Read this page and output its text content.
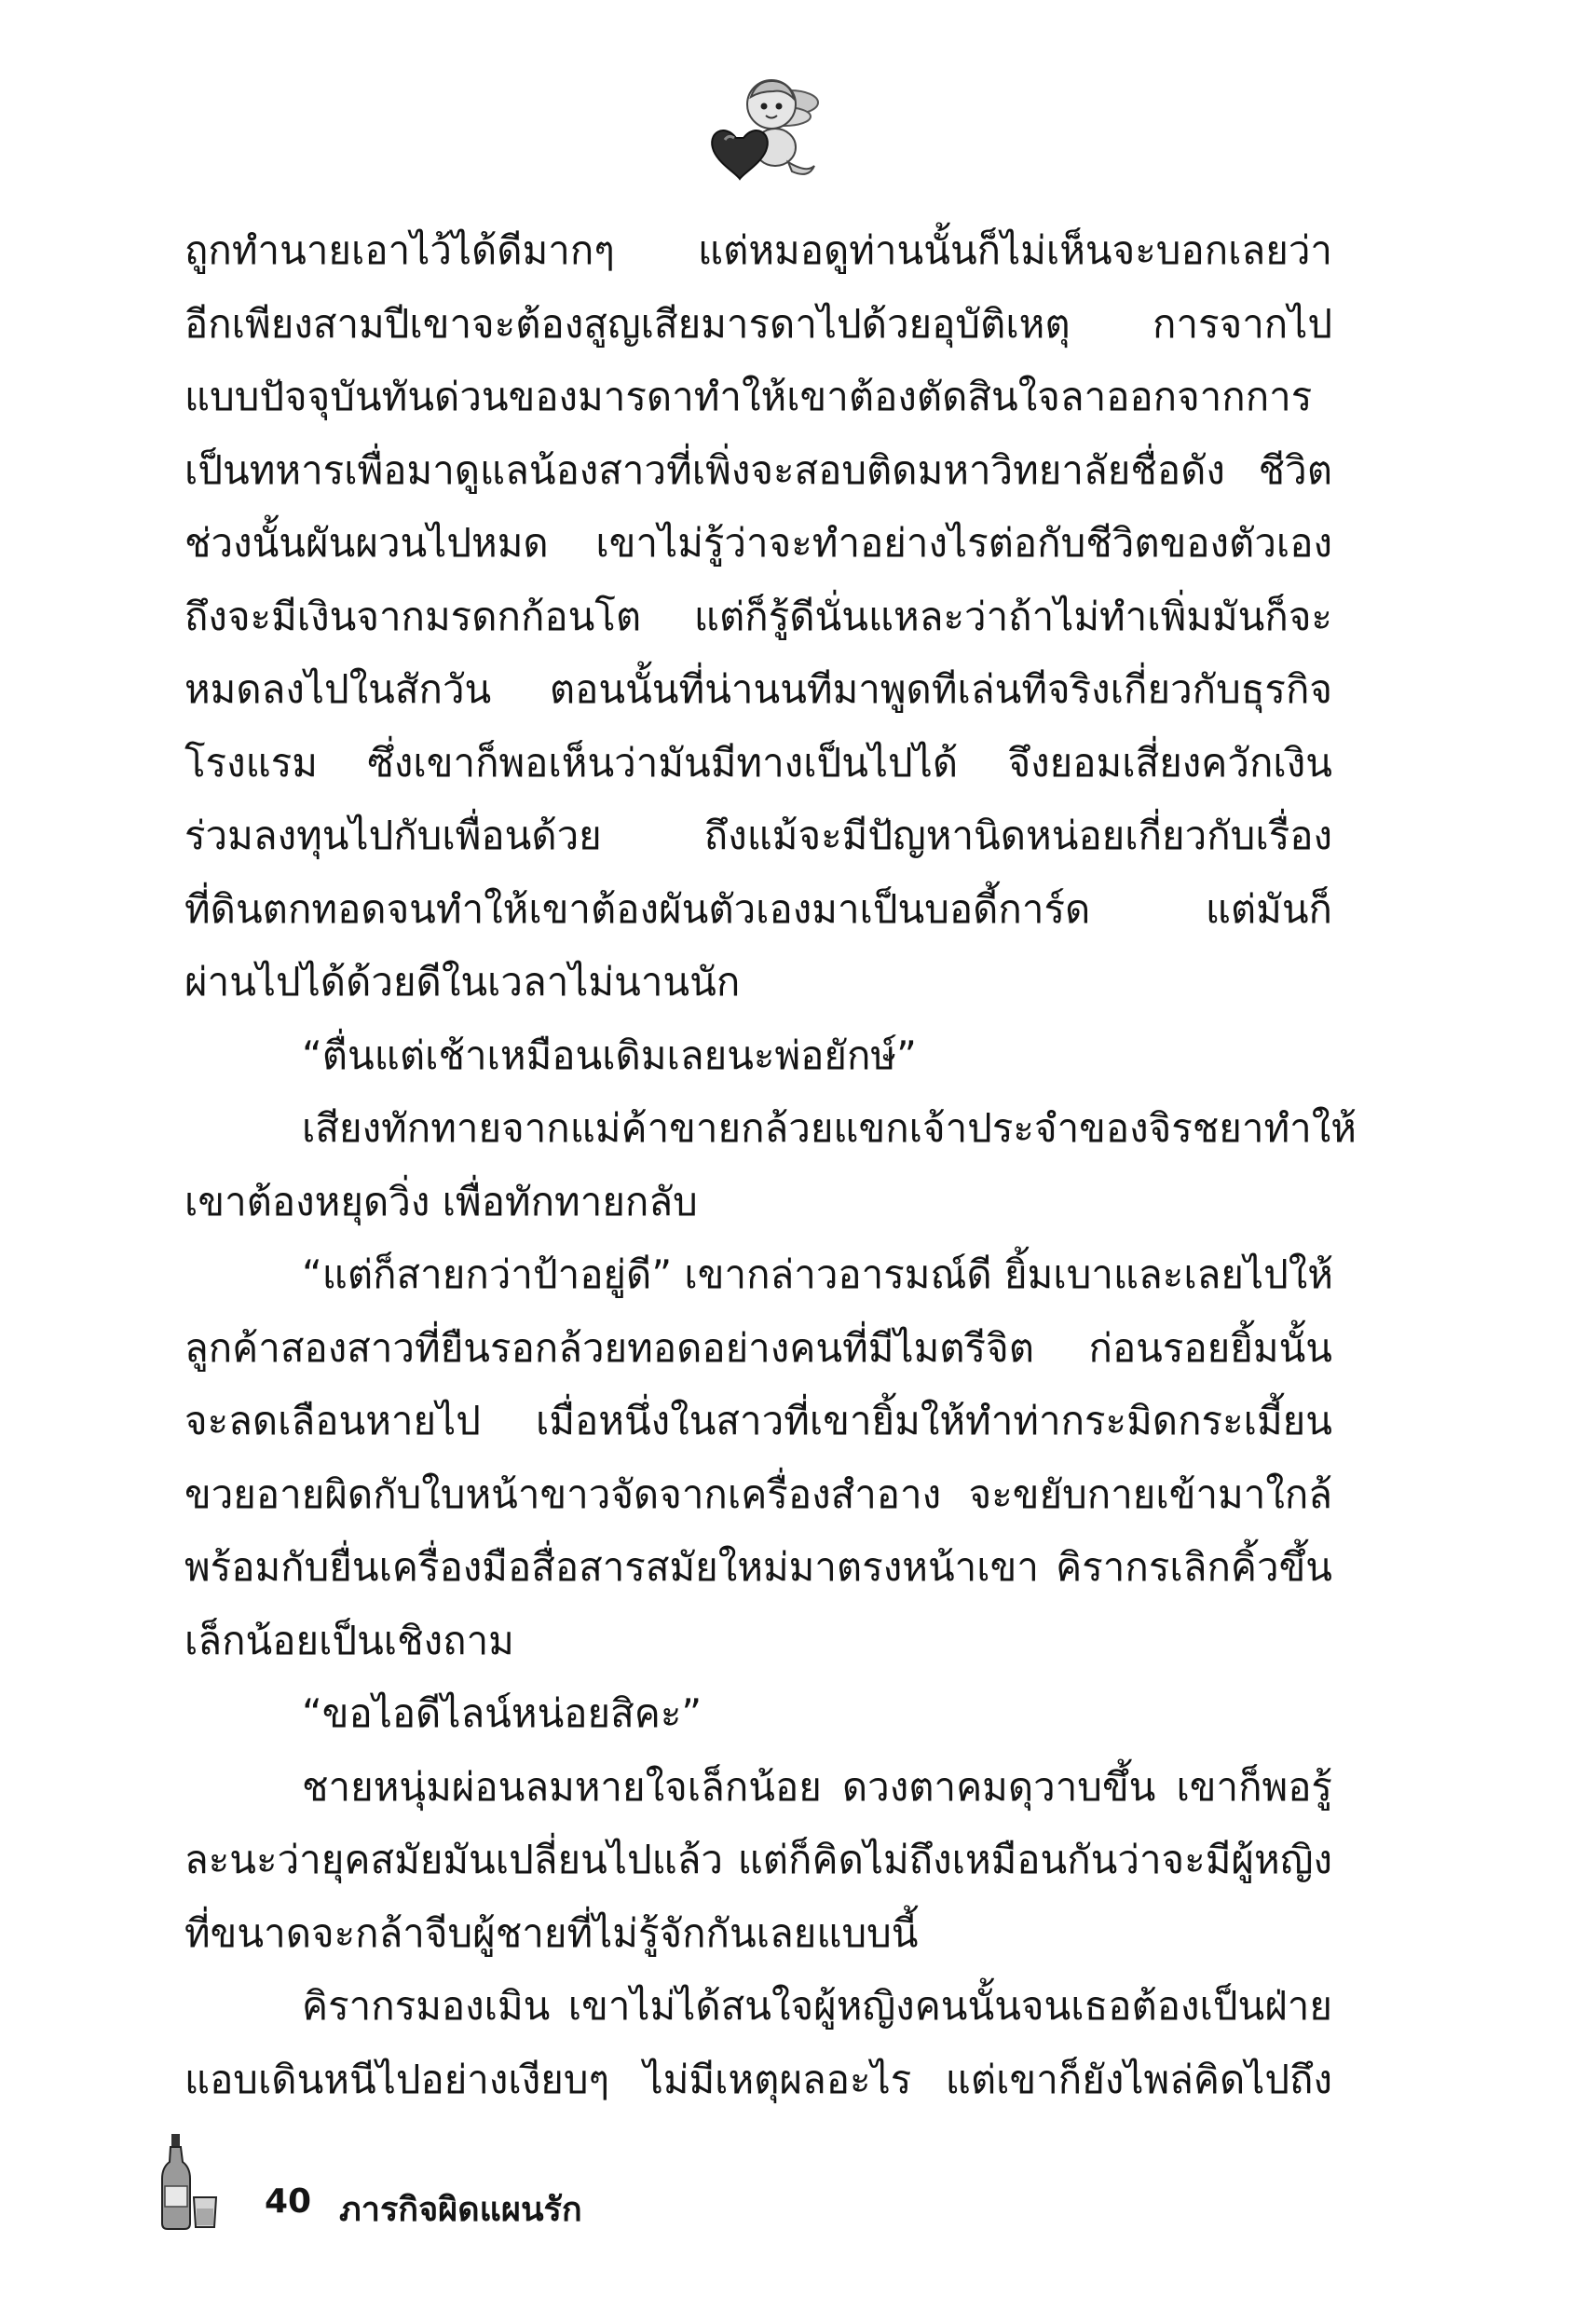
ถูกทำนายเอาไว้ได้ดีมากๆ แต่หมอดูท่านนั้นก็ไม่เห็นจะบอกเลยว่า
อีกเพียงสามปีเขาจะต้องสูญเสียมารดาไปด้วยอุบัติเหตุ การจากไป
แบบปัจจุบันทันด่วนของมารดาทำให้เขาต้องตัดสินใจลาออกจากการ
เป็นทหารเพื่อมาดูแลน้องสาวที่เพิ่งจะสอบติดมหาวิทยาลัยชื่อดัง ชีวิต
ช่วงนั้นผันผวนไปหมด เขาไม่รู้ว่าจะทำอย่างไรต่อกับชีวิตของตัวเอง
ถึงจะมีเงินจากมรดกก้อนโต แต่ก็รู้ดีนั่นแหละว่าถ้าไม่ทำเพิ่มมันก็จะ
หมดลงไปในสักวัน ตอนนั้นที่น่านนทีมาพูดทีเล่นทีจริงเกี่ยวกับธุรกิจ
โรงแรม ซึ่งเขาก็พอเห็นว่ามันมีทางเป็นไปได้ จึงยอมเสี่ยงควักเงิน
ร่วมลงทุนไปกับเพื่อนด้วย ถึงแม้จะมีปัญหานิดหน่อยเกี่ยวกับเรื่อง
ที่ดินตกทอดจนทำให้เขาต้องผันตัวเองมาเป็นบอดี้การ์ด แต่มันก็
ผ่านไปได้ด้วยดีในเวลาไม่นานนัก
“ตื่นแต่เช้าเหมือนเดิมเลยนะพ่อยักษ์”
เสียงทักทายจากแม่ค้าขายกล้วยแขกเจ้าประจำของจิรชยาทำให้
เขาต้องหยุดวิ่ง เพื่อทักทายกลับ
“แต่ก็สายกว่าป้าอยู่ดี” เขากล่าวอารมณ์ดี ยิ้มเบาและเลยไปให้
ลูกค้าสองสาวที่ยืนรอกล้วยทอดอย่างคนที่มีไมตรีจิต ก่อนรอยยิ้มนั้น
จะลดเลือนหายไป เมื่อหนึ่งในสาวที่เขายิ้มให้ทำท่ากระมิดกระเมี้ยน
ขวยอายผิดกับใบหน้าขาวจัดจากเครื่องสำอาง จะขยับกายเข้ามาใกล้
พร้อมกับยื่นเครื่องมือสื่อสารสมัยใหม่มาตรงหน้าเขา คิรากรเลิกคิ้วขึ้น
เล็กน้อยเป็นเชิงถาม
“ขอไอดีไลน์หน่อยสิคะ”
ชายหนุ่มผ่อนลมหายใจเล็กน้อย ดวงตาคมดุวาบขึ้น เขาก็พอรู้
ละนะว่ายุคสมัยมันเปลี่ยนไปแล้ว แต่ก็คิดไม่ถึงเหมือนกันว่าจะมีผู้หญิง
ที่ขนาดจะกล้าจีบผู้ชายที่ไม่รู้จักกันเลยแบบนี้
คิรากรมองเมิน เขาไม่ได้สนใจผู้หญิงคนนั้นจนเธอต้องเป็นฝ่าย
แอบเดินหนีไปอย่างเงียบๆ ไม่มีเหตุผลอะไร แต่เขาก็ยังไพล่คิดไปถึง
40 ภารกิจผิดแผนรัก
